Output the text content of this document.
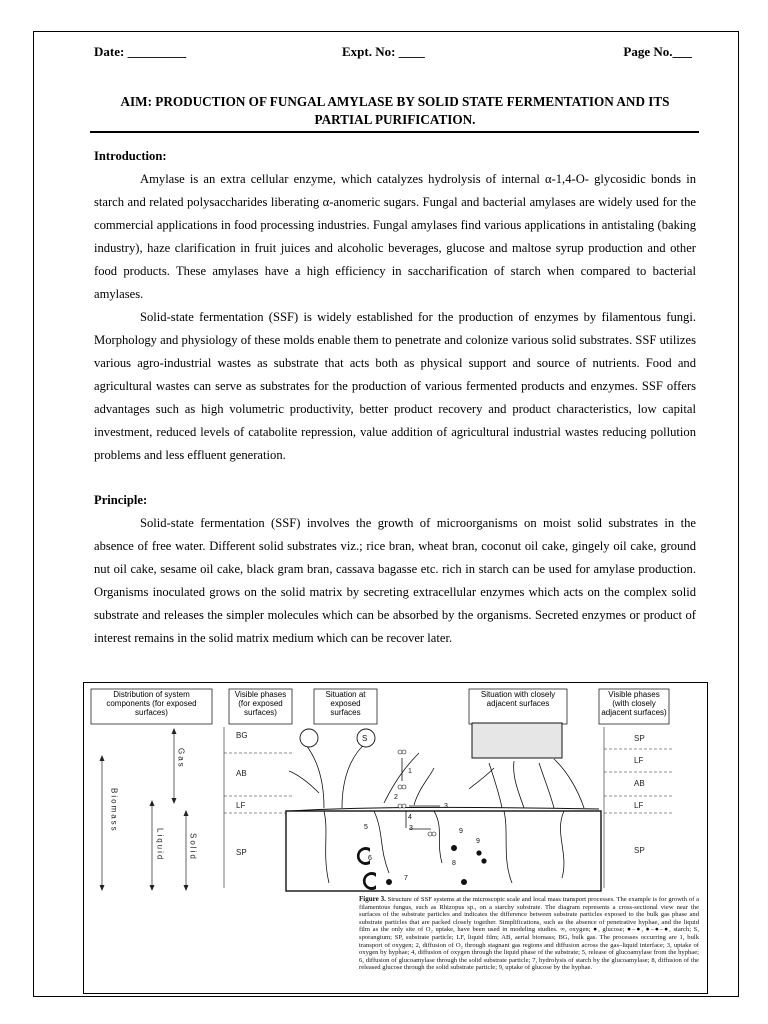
Date: _________	Expt. No: ____	Page No.___
AIM: PRODUCTION OF FUNGAL AMYLASE BY SOLID STATE FERMENTATION AND ITS PARTIAL PURIFICATION.
Introduction:

Amylase is an extra cellular enzyme, which catalyzes hydrolysis of internal α-1,4-O- glycosidic bonds in starch and related polysaccharides liberating α-anomeric sugars. Fungal and bacterial amylases are widely used for the commercial applications in food processing industries. Fungal amylases find various applications in antistaling (baking industry), haze clarification in fruit juices and alcoholic beverages, glucose and maltose syrup production and other food products. These amylases have a high efficiency in saccharification of starch when compared to bacterial amylases.

Solid-state fermentation (SSF) is widely established for the production of enzymes by filamentous fungi. Morphology and physiology of these molds enable them to penetrate and colonize various solid substrates. SSF utilizes various agro-industrial wastes as substrate that acts both as physical support and source of nutrients. Food and agricultural wastes can serve as substrates for the production of various fermented products and enzymes. SSF offers advantages such as high volumetric productivity, better product recovery and product characteristics, low capital investment, reduced levels of catabolite repression, value addition of agricultural industrial wastes reducing pollution problems and less effluent generation.

Principle:

Solid-state fermentation (SSF) involves the growth of microorganisms on moist solid substrates in the absence of free water. Different solid substrates viz.; rice bran, wheat bran, coconut oil cake, gingely oil cake, ground nut oil cake, sesame oil cake, black gram bran, cassava bagasse etc. rich in starch can be used for amylase production. Organisms inoculated grows on the solid matrix by secreting extracellular enzymes which acts on the complex solid substrate and releases the simpler molecules which can be absorbed by the organisms. Secreted enzymes or product of interest remains in the solid matrix medium which can be recover later.

Distribution of system components (for exposed surfaces)
Visible phases (for exposed surfaces)
Situation at exposed surfaces
Situation with closely adjacent surfaces
Visible phases (with closely adjacent surfaces)
Biomass
Gas
Liquid	Solid
BG
AB
LF
SP
SP
LF
AB
LF
SP
S
1
2
3
4
5	3
6
7
8
9
9
Figure 3. Structure of SSF systems at the microscopic scale and local mass transport processes. The example is for growth of a filamentous fungus, such as Rhizopus sp., on a starchy substrate. The diagram represents a cross-sectional view near the surfaces of the substrate particles and indicates the difference between substrate particles exposed to the bulk gas phase and substrate particles that are packed closely together. Simplifications, such as the absence of penetrative hyphae, and the liquid film as the only site of O₂ uptake, have been used in modeling studies. ∞, oxygen; ●, glucose; ●–●, ●–●–●, starch; S, sporangium; SP, substrate particle; LF, liquid film; AB, aerial biomass; BG, bulk gas. The processes occurring are 1, bulk transport of oxygen; 2, diffusion of O₂ through stagnant gas regions and diffusion across the gas–liquid interface; 3, uptake of oxygen by hyphae; 4, diffusion of oxygen through the liquid phase of the substrate; 5, release of glucoamylase from the hyphae; 6, diffusion of glucoamylase through the solid substrate particle; 7, hydrolysis of starch by the glucoamylase; 8, diffusion of the released glucose through the solid substrate particle; 9, uptake of glucose by the hyphae.
